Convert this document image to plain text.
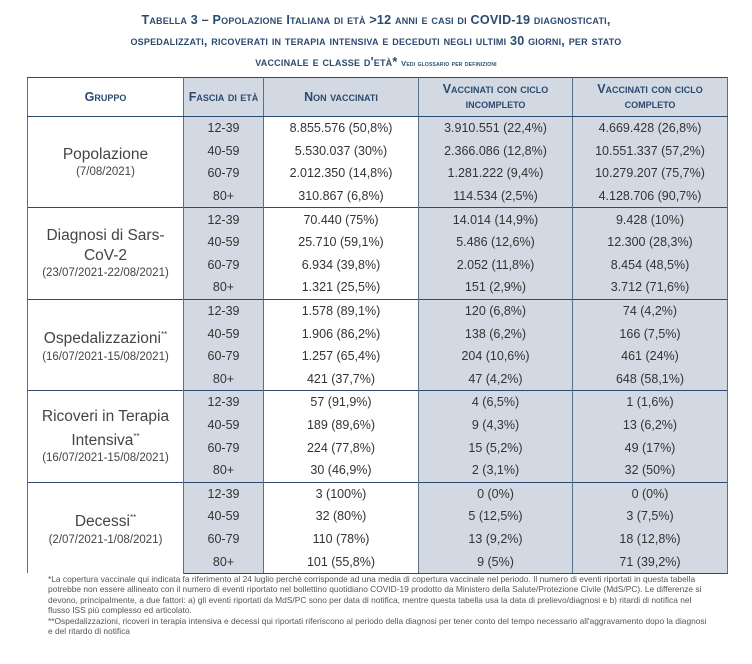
Tabella 3 – Popolazione Italiana di età >12 anni e casi di COVID-19 diagnosticati,
ospedalizzati, ricoverati in terapia intensiva e deceduti negli ultimi 30 giorni, per stato
vaccinale e classe d'età* Vedi glossario per definizioni
Gruppo	Fascia di età	Non vaccinati	Vaccinati con ciclo incompleto	Vaccinati con ciclo completo

Popolazione
(7/08/2021)	12-39	8.855.576 (50,8%)	3.910.551 (22,4%)	4.669.428 (26,8%)
	40-59	5.530.037 (30%)	2.366.086 (12,8%)	10.551.337 (57,2%)
	60-79	2.012.350 (14,8%)	1.281.222 (9,4%)	10.279.207 (75,7%)
	80+	310.867 (6,8%)	114.534 (2,5%)	4.128.706 (90,7%)

Diagnosi di Sars-CoV-2
(23/07/2021-22/08/2021)	12-39	70.440 (75%)	14.014 (14,9%)	9.428 (10%)
	40-59	25.710 (59,1%)	5.486 (12,6%)	12.300 (28,3%)
	60-79	6.934 (39,8%)	2.052 (11,8%)	8.454 (48,5%)
	80+	1.321 (25,5%)	151 (2,9%)	3.712 (71,6%)

Ospedalizzazioni**
(16/07/2021-15/08/2021)	12-39	1.578 (89,1%)	120 (6,8%)	74 (4,2%)
	40-59	1.906 (86,2%)	138 (6,2%)	166 (7,5%)
	60-79	1.257 (65,4%)	204 (10,6%)	461 (24%)
	80+	421 (37,7%)	47 (4,2%)	648 (58,1%)

Ricoveri in Terapia Intensiva**
(16/07/2021-15/08/2021)	12-39	57 (91,9%)	4 (6,5%)	1 (1,6%)
	40-59	189 (89,6%)	9 (4,3%)	13 (6,2%)
	60-79	224 (77,8%)	15 (5,2%)	49 (17%)
	80+	30 (46,9%)	2 (3,1%)	32 (50%)

Decessi**
(2/07/2021-1/08/2021)	12-39	3 (100%)	0 (0%)	0 (0%)
	40-59	32 (80%)	5 (12,5%)	3 (7,5%)
	60-79	110 (78%)	13 (9,2%)	18 (12,8%)
	80+	101 (55,8%)	9 (5%)	71 (39,2%)

*La copertura vaccinale qui indicata fa riferimento al 24 luglio perché corrisponde ad una media di copertura vaccinale nel periodo. Il numero di eventi riportati in questa tabella potrebbe non essere allineato con il numero di eventi riportato nel bollettino quotidiano COVID-19 prodotto da Ministero della Salute/Protezione Civile (MdS/PC). Le differenze si devono, principalmente, a due fattori: a) gli eventi riportati da MdS/PC sono per data di notifica, mentre questa tabella usa la data di prelievo/diagnosi e b) ritardi di notifica nel flusso ISS più complesso ed articolato.

**Ospedalizzazioni, ricoveri in terapia intensiva e decessi qui riportati riferiscono al periodo della diagnosi per tener conto del tempo necessario all'aggravamento dopo la diagnosi e del ritardo di notifica
